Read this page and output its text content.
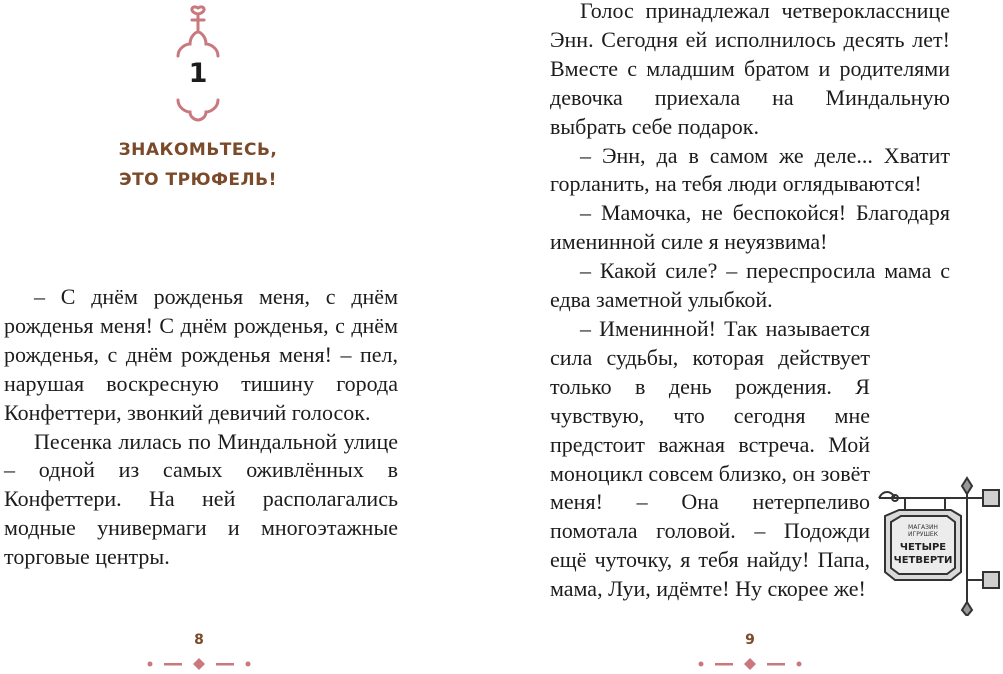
1
ЗНАКОМЬТЕСЬ,
ЭТО ТРЮФЕЛЬ!

– С днём рожденья меня, с днём рожденья меня! С днём рожденья, с днём рожденья, с днём рожденья меня! – пел, нарушая воскресную тишину города Конфеттери, звонкий девичий голосок.

Песенка лилась по Миндальной улице – одной из самых оживлённых в Конфеттери. На ней располагались модные универмаги и многоэтажные торговые центры.

8

Голос принадлежал четверокласснице Энн. Сегодня ей исполнилось десять лет! Вместе с младшим братом и родителями девочка приехала на Миндальную выбрать себе подарок.

– Энн, да в самом же деле... Хватит горланить, на тебя люди оглядываются!

– Мамочка, не беспокойся! Благодаря именинной силе я неуязвима!

– Какой силе? – переспросила мама с едва заметной улыбкой.

– Именинной! Так называется сила судьбы, которая действует только в день рождения. Я чувствую, что сегодня мне предстоит важная встреча. Мой моноцикл совсем близко, он зовёт меня! – Она нетерпеливо помотала головой. – Подожди ещё чуточку, я тебя найду! Папа, мама, Луи, идёмте! Ну скорее же!

9
МАГАЗИН
ИГРУШЕК
ЧЕТЫРЕ
ЧЕТВЕРТИ
